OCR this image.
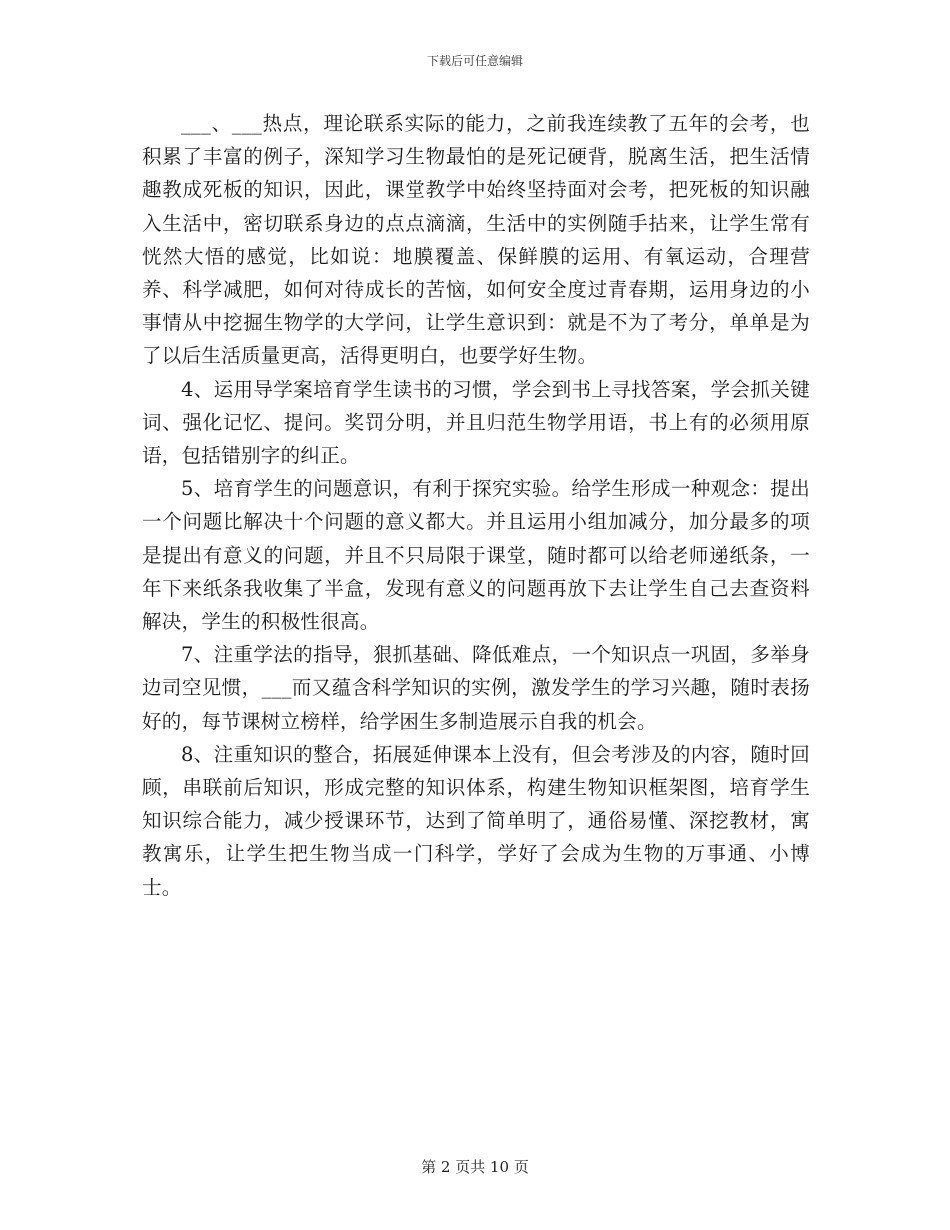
下载后可任意编辑

___、___热点，理论联系实际的能力，之前我连续教了五年的会考，也积累了丰富的例子，深知学习生物最怕的是死记硬背，脱离生活，把生活情趣教成死板的知识，因此，课堂教学中始终坚持面对会考，把死板的知识融入生活中，密切联系身边的点点滴滴，生活中的实例随手拈来，让学生常有恍然大悟的感觉，比如说：地膜覆盖、保鲜膜的运用、有氧运动，合理营养、科学减肥，如何对待成长的苦恼，如何安全度过青春期，运用身边的小事情从中挖掘生物学的大学问，让学生意识到：就是不为了考分，单单是为了以后生活质量更高，活得更明白，也要学好生物。

4、运用导学案培育学生读书的习惯，学会到书上寻找答案，学会抓关键词、强化记忆、提问。奖罚分明，并且归范生物学用语，书上有的必须用原语，包括错别字的纠正。

5、培育学生的问题意识，有利于探究实验。给学生形成一种观念：提出一个问题比解决十个问题的意义都大。并且运用小组加减分，加分最多的项是提出有意义的问题，并且不只局限于课堂，随时都可以给老师递纸条，一年下来纸条我收集了半盒，发现有意义的问题再放下去让学生自己去查资料解决，学生的积极性很高。

7、注重学法的指导，狠抓基础、降低难点，一个知识点一巩固，多举身边司空见惯，___而又蕴含科学知识的实例，激发学生的学习兴趣，随时表扬好的，每节课树立榜样，给学困生多制造展示自我的机会。

8、注重知识的整合，拓展延伸课本上没有，但会考涉及的内容，随时回顾，串联前后知识，形成完整的知识体系，构建生物知识框架图，培育学生知识综合能力，减少授课环节，达到了简单明了，通俗易懂、深挖教材，寓教寓乐，让学生把生物当成一门科学，学好了会成为生物的万事通、小博士。

第 2 页共 10 页
